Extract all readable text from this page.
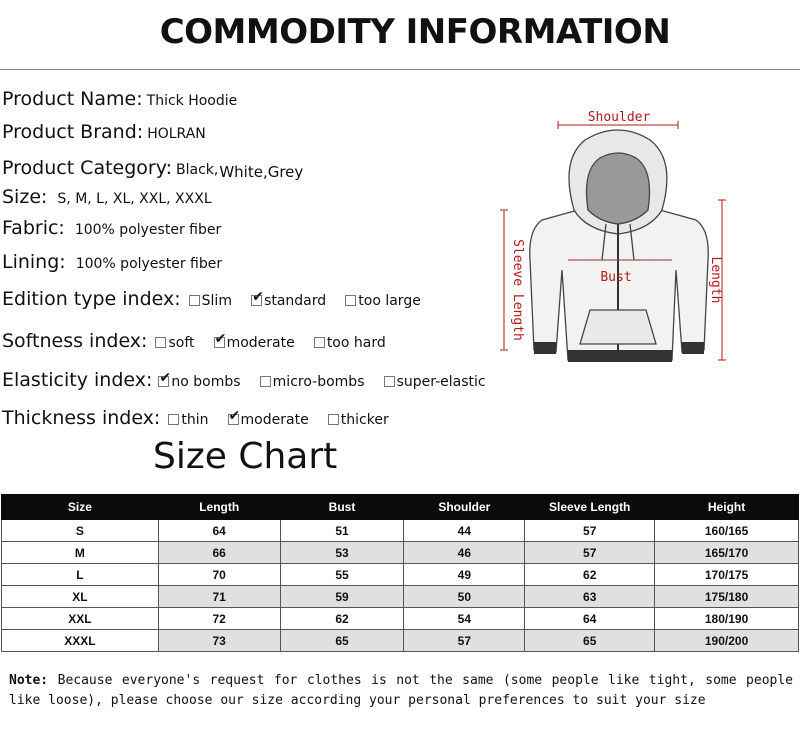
COMMODITY INFORMATION
Product Name: Thick Hoodie
Product Brand: HOLRAN
Product Category: Black,White,Grey
Size: S, M, L, XL, XXL, XXXL
Fabric: 100% polyester fiber
Lining: 100% polyester fiber
Edition type index: Slim ✔ standard too large
Softness index: soft ✔ moderate too hard
Elasticity index: ✔ no bombs micro-bombs super-elastic
Thickness index: thin ✔ moderate thicker
Shoulder
Bust	Length
Sleeve Length
Size Chart
Size	Length	Bust	Shoulder	Sleeve Length	Height
S	64	51	44	57	160/165
M	66	53	46	57	165/170
L	70	55	49	62	170/175
XL	71	59	50	63	175/180
XXL	72	62	54	64	180/190
XXXL	73	65	57	65	190/200
Note: Because everyone's request for clothes is not the same (some people like tight, some people like loose), please choose our size according your personal preferences to suit your size
